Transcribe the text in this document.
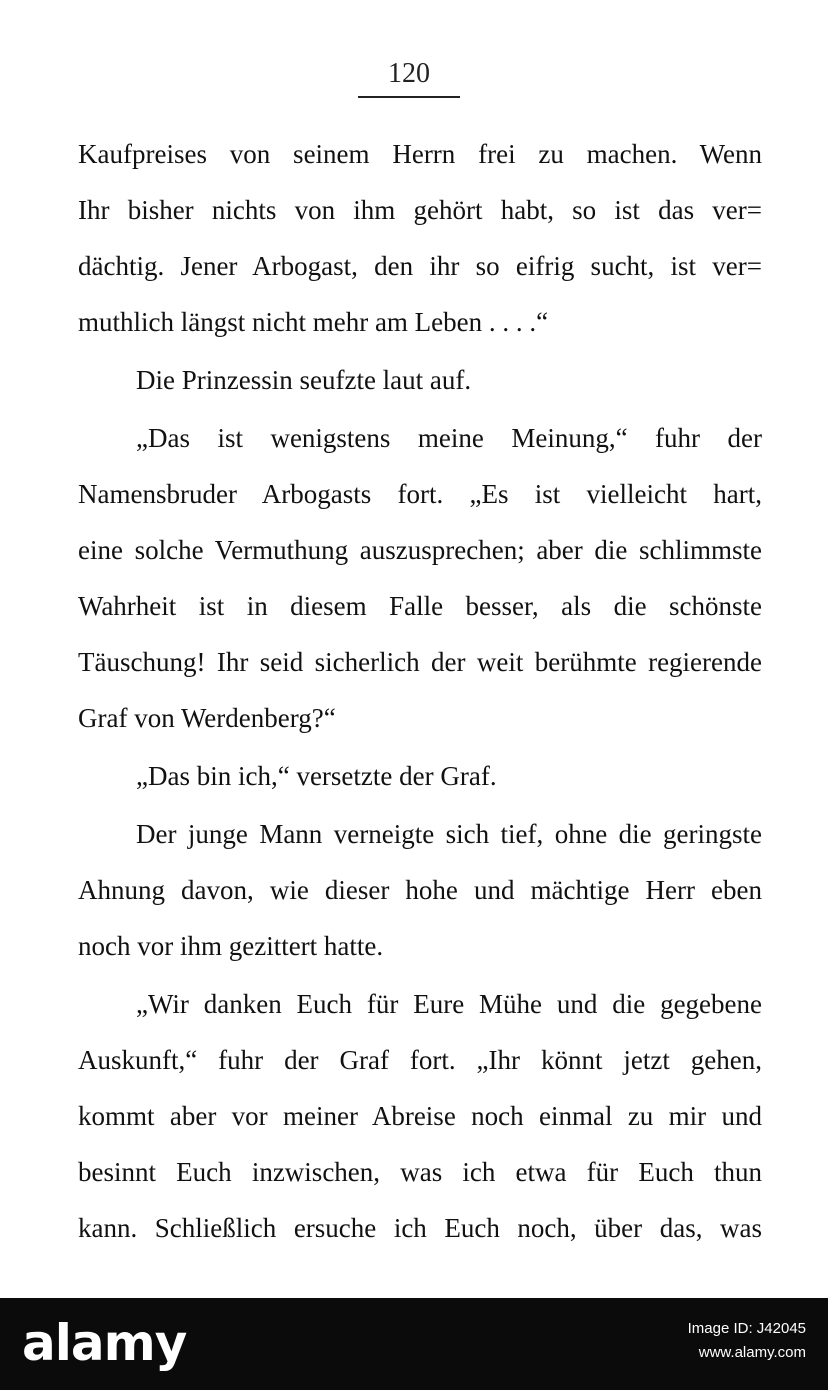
120
Kaufpreises von seinem Herrn frei zu machen. Wenn
Ihr bisher nichts von ihm gehört habt, so ist das ver=
dächtig. Jener Arbogast, den ihr so eifrig sucht, ist ver=
muthlich längst nicht mehr am Leben . . . .“
Die Prinzessin seufzte laut auf.
„Das ist wenigstens meine Meinung,“ fuhr der
Namensbruder Arbogasts fort. „Es ist vielleicht hart,
eine solche Vermuthung auszusprechen; aber die schlimmste
Wahrheit ist in diesem Falle besser, als die schönste
Täuschung! Ihr seid sicherlich der weit berühmte regierende
Graf von Werdenberg?“
„Das bin ich,“ versetzte der Graf.
Der junge Mann verneigte sich tief, ohne die geringste
Ahnung davon, wie dieser hohe und mächtige Herr eben
noch vor ihm gezittert hatte.
„Wir danken Euch für Eure Mühe und die gegebene
Auskunft,“ fuhr der Graf fort. „Ihr könnt jetzt gehen,
kommt aber vor meiner Abreise noch einmal zu mir und
besinnt Euch inzwischen, was ich etwa für Euch thun
kann. Schließlich ersuche ich Euch noch, über das, was
alamy	Image ID: J42045
www.alamy.com
